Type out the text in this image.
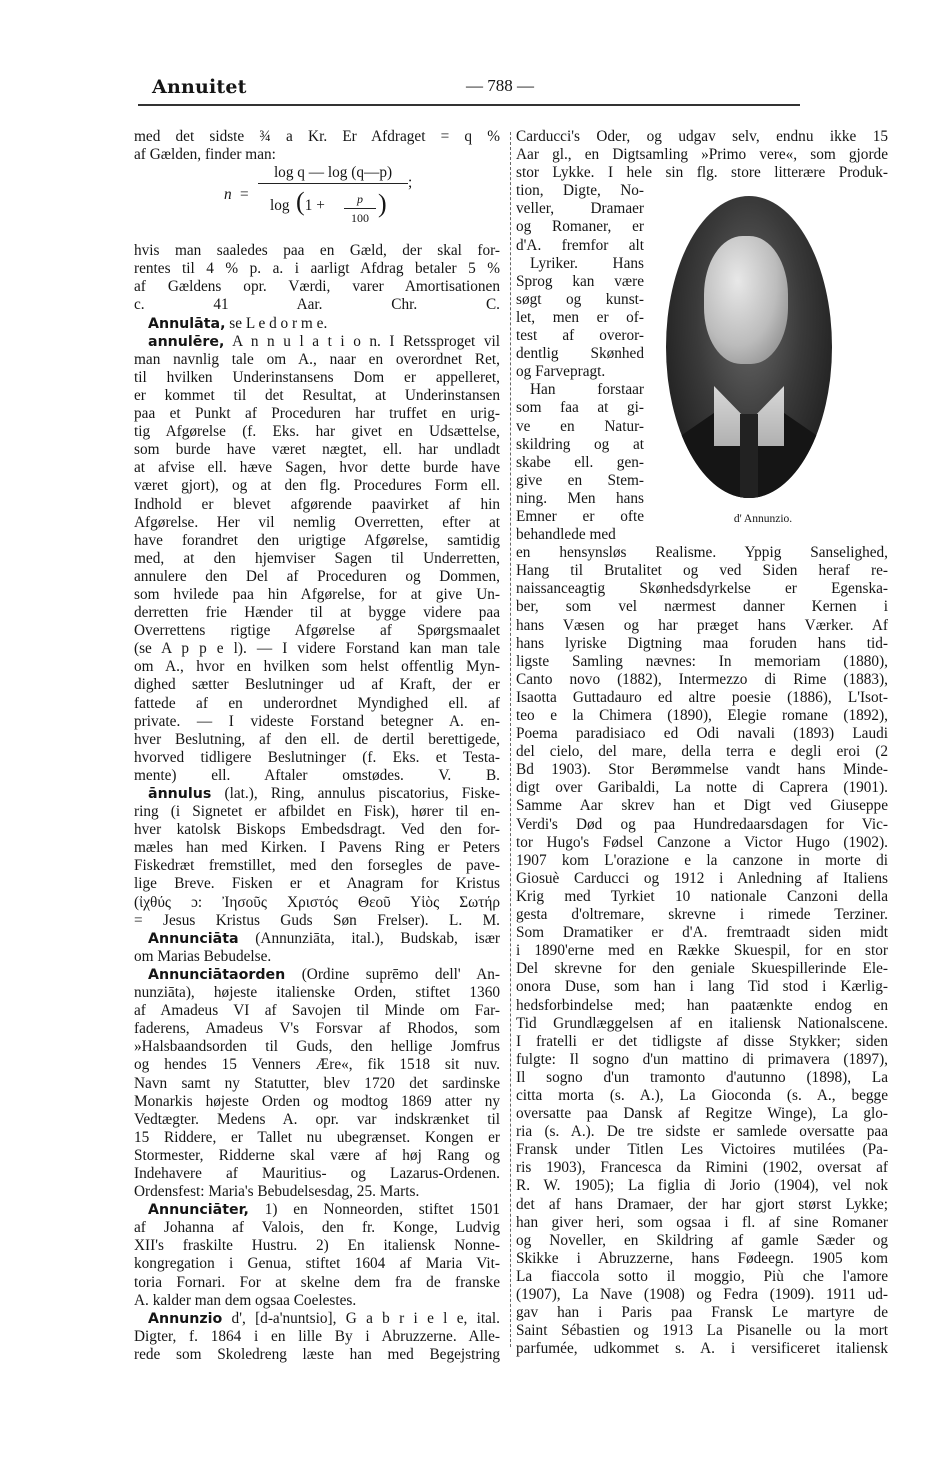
Annuitet	— 788 —
med det sidste ¾ a Kr. Er Afdraget = q %
af Gælden, finder man:
n =
log q — log (q—p)
;
$\log (1 + \frac{p}{100}$ )
hvis man saaledes paa en Gæld, der skal for-
rentes til 4 % p. a. i aarligt Afdrag betaler 5 %
af Gældens opr. Værdi, varer Amortisationen
c. 41 Aar. Chr. C.
Annulāta, se L e d o r m e.
annulēre, A n n u l a t i o n. I Retssproget vil
man navnlig tale om A., naar en overordnet Ret,
til hvilken Underinstansens Dom er appelleret,
er kommet til det Resultat, at Underinstansen
paa et Punkt af Proceduren har truffet en urig-
tig Afgørelse (f. Eks. har givet en Udsættelse,
som burde have været nægtet, ell. har undladt
at afvise ell. hæve Sagen, hvor dette burde have
været gjort), og at den flg. Procedures Form ell.
Indhold er blevet afgørende paavirket af hin
Afgørelse. Her vil nemlig Overretten, efter at
have forandret den urigtige Afgørelse, samtidig
med, at den hjemviser Sagen til Underretten,
annulere den Del af Proceduren og Dommen,
som hvilede paa hin Afgørelse, for at give Un-
derretten frie Hænder til at bygge videre paa
Overrettens rigtige Afgørelse af Spørgsmaalet
(se A p p e l). — I videre Forstand kan man tale
om A., hvor en hvilken som helst offentlig Myn-
dighed sætter Beslutninger ud af Kraft, der er
fattede af en underordnet Myndighed ell. af
private. — I videste Forstand betegner A. en-
hver Beslutning, af den ell. de dertil berettigede,
hvorved tidligere Beslutninger (f. Eks. et Testa-
mente) ell. Aftaler omstødes. V. B.
ānnulus (lat.), Ring, annulus piscatorius, Fiske-
ring (i Signetet er afbildet en Fisk), hører til en-
hver katolsk Biskops Embedsdragt. Ved den for-
mæles han med Kirken. I Pavens Ring er Peters
Fiskedræt fremstillet, med den forsegles de pave-
lige Breve. Fisken er et Anagram for Kristus
(ἰχθύς ɔ: Ἰησοῦς Χριστός Θεοῦ Υἱὸς Σωτήρ
= Jesus Kristus Guds Søn Frelser). L. M.
Annunciāta (Annunziāta, ital.), Budskab, især
om Marias Bebudelse.
Annunciātaorden (Ordine suprēmo dell' An-
nunziāta), højeste italienske Orden, stiftet 1360
af Amadeus VI af Savojen til Minde om Far-
faderens, Amadeus V's Forsvar af Rhodos, som
»Halsbaandsorden til Guds, den hellige Jomfrus
og hendes 15 Venners Ære«, fik 1518 sit nuv.
Navn samt ny Statutter, blev 1720 det sardinske
Monarkis højeste Orden og modtog 1869 atter ny
Vedtægter. Medens A. opr. var indskrænket til
15 Riddere, er Tallet nu ubegrænset. Kongen er
Stormester, Ridderne skal være af høj Rang og
Indehavere af Mauritius- og Lazarus-Ordenen.
Ordensfest: Maria's Bebudelsesdag, 25. Marts.
Annunciāter, 1) en Nonneorden, stiftet 1501
af Johanna af Valois, den fr. Konge, Ludvig
XII's fraskilte Hustru. 2) En italiensk Nonne-
kongregation i Genua, stiftet 1604 af Maria Vit-
toria Fornari. For at skelne dem fra de franske
A. kalder man dem ogsaa Coelestes.
Annunzio d', [d-a'nuntsio], G a b r i e l e, ital.
Digter, f. 1864 i en lille By i Abruzzerne. Alle-
rede som Skoledreng læste han med Begejstring
Carducci's Oder, og udgav selv, endnu ikke 15
Aar gl., en Digtsamling »Primo vere«, som gjorde
stor Lykke. I hele sin flg. store litterære Produk-
tion, Digte, No-
veller, Dramaer
og Romaner, er
d'A. fremfor alt
Lyriker. Hans
Sprog kan være
søgt og kunst-
let, men er of-
test af overor-
dentlig Skønhed
og Farvepragt.
Han forstaar
som faa at gi-
ve en Natur-
skildring og at
skabe ell. gen-
give en Stem-
ning. Men hans
Emner er ofte
behandlede med
en hensynsløs Realisme. Yppig Sanselighed,
Hang til Brutalitet og ved Siden heraf re-
naissanceagtig Skønhedsdyrkelse er Egenska-
ber, som vel nærmest danner Kernen i
hans Væsen og har præget hans Værker. Af
hans lyriske Digtning maa foruden hans tid-
ligste Samling nævnes: In memoriam (1880),
Canto novo (1882), Intermezzo di Rime (1883),
Isaotta Guttadauro ed altre poesie (1886), L'Isot-
teo e la Chimera (1890), Elegie romane (1892),
Poema paradisiaco ed Odi navali (1893) Laudi
del cielo, del mare, della terra e degli eroi (2
Bd 1903). Stor Berømmelse vandt hans Minde-
digt over Garibaldi, La notte di Caprera (1901).
Samme Aar skrev han et Digt ved Giuseppe
Verdi's Død og paa Hundredaarsdagen for Vic-
tor Hugo's Fødsel Canzone a Victor Hugo (1902).
1907 kom L'orazione e la canzone in morte di
Giosuè Carducci og 1912 i Anledning af Italiens
Krig med Tyrkiet 10 nationale Canzoni della
gesta d'oltremare, skrevne i rimede Terziner.
Som Dramatiker er d'A. fremtraadt siden midt
i 1890'erne med en Række Skuespil, for en stor
Del skrevne for den geniale Skuespillerinde Ele-
onora Duse, som han i lang Tid stod i Kærlig-
hedsforbindelse med; han paatænkte endog en
Tid Grundlæggelsen af en italiensk Nationalscene.
I fratelli er det tidligste af disse Stykker; siden
fulgte: Il sogno d'un mattino di primavera (1897),
Il sogno d'un tramonto d'autunno (1898), La
citta morta (s. A.), La Gioconda (s. A., begge
oversatte paa Dansk af Regitze Winge), La glo-
ria (s. A.). De tre sidste er samlede oversatte paa
Fransk under Titlen Les Victoires mutilées (Pa-
ris 1903), Francesca da Rimini (1902, oversat af
R. W. 1905); La figlia di Jorio (1904), vel nok
det af hans Dramaer, der har gjort størst Lykke;
han giver heri, som ogsaa i fl. af sine Romaner
og Noveller, en Skildring af gamle Sæder og
Skikke i Abruzzerne, hans Fødeegn. 1905 kom
La fiaccola sotto il moggio, Più che l'amore
(1907), La Nave (1908) og Fedra (1909). 1911 ud-
gav han i Paris paa Fransk Le martyre de
Saint Sébastien og 1913 La Pisanelle ou la mort
parfumée, udkommet s. A. i versificeret italiensk
d' Annunzio.
